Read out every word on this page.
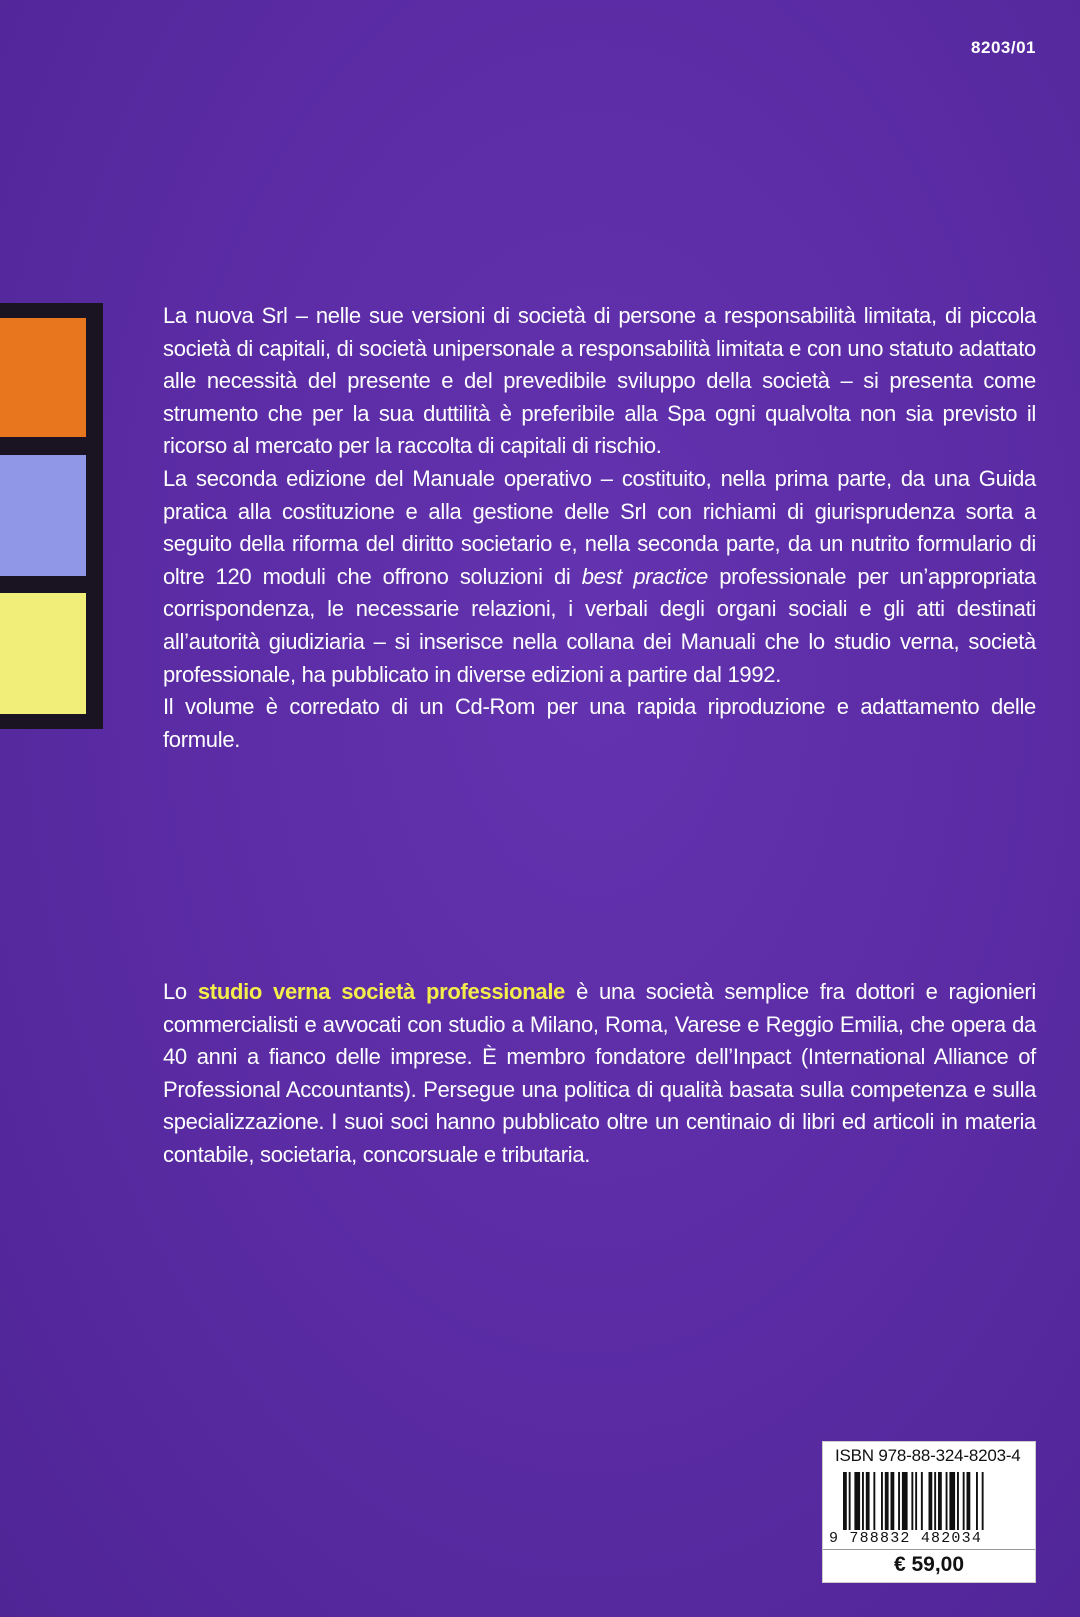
8203/01

La nuova Srl – nelle sue versioni di società di persone a responsabilità limitata, di piccola società di capitali, di società unipersonale a responsabilità limitata e con uno statuto adattato alle necessità del presente e del prevedibile sviluppo della società – si presenta come strumento che per la sua duttilità è preferibile alla Spa ogni qualvolta non sia previsto il ricorso al mercato per la raccolta di capitali di rischio.

La seconda edizione del Manuale operativo – costituito, nella prima parte, da una Guida pratica alla costituzione e alla gestione delle Srl con richiami di giurisprudenza sorta a seguito della riforma del diritto societario e, nella seconda parte, da un nutrito formulario di oltre 120 moduli che offrono soluzioni di best practice professionale per un’appropriata corrispondenza, le necessarie relazioni, i verbali degli organi sociali e gli atti destinati all’autorità giudiziaria – si inserisce nella collana dei Manuali che lo studio verna, società professionale, ha pubblicato in diverse edizioni a partire dal 1992.

Il volume è corredato di un Cd-Rom per una rapida riproduzione e adattamento delle formule.

Lo studio verna società professionale è una società semplice fra dottori e ragionieri commercialisti e avvocati con studio a Milano, Roma, Varese e Reggio Emilia, che opera da 40 anni a fianco delle imprese. È membro fondatore dell’Inpact (International Alliance of Professional Accountants). Persegue una politica di qualità basata sulla competenza e sulla specializzazione. I suoi soci hanno pubblicato oltre un centinaio di libri ed articoli in materia contabile, societaria, concorsuale e tributaria.

ISBN 978-88-324-8203-4
9 788832 482034
€ 59,00
